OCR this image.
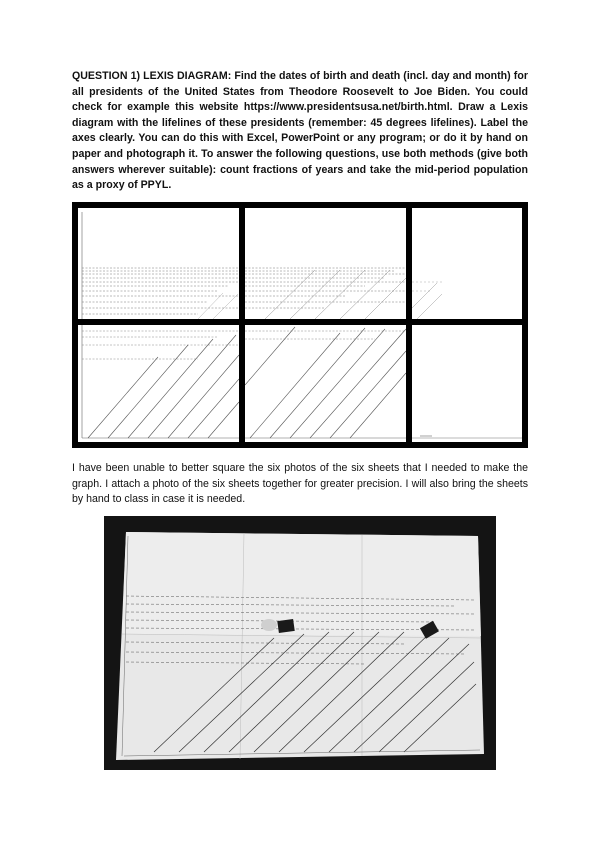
QUESTION 1) LEXIS DIAGRAM: Find the dates of birth and death (incl. day and month) for all presidents of the United States from Theodore Roosevelt to Joe Biden. You could check for example this website https://www.presidentsusa.net/birth.html. Draw a Lexis diagram with the lifelines of these presidents (remember: 45 degrees lifelines). Label the axes clearly. You can do this with Excel, PowerPoint or any program; or do it by hand on paper and photograph it. To answer the following questions, use both methods (give both answers wherever suitable): count fractions of years and take the mid-period population as a proxy of PPYL.

I have been unable to better square the six photos of the six sheets that I needed to make the graph. I attach a photo of the six sheets together for greater precision. I will also bring the sheets by hand to class in case it is needed.
